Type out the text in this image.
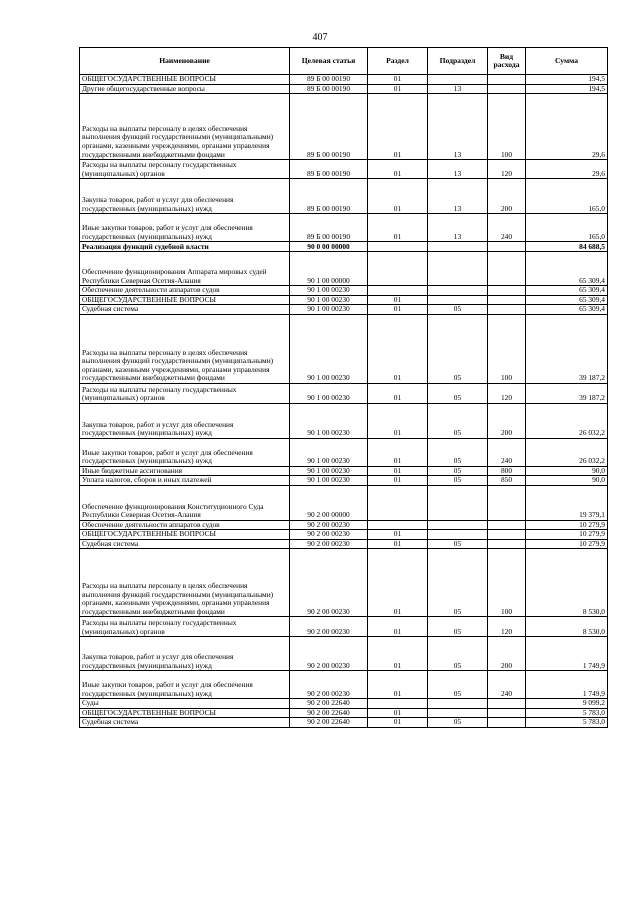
407
Наименование	Целевая статья	Раздел	Подраздел	Вид расхода	Сумма
ОБЩЕГОСУДАРСТВЕННЫЕ ВОПРОСЫ	89 Б 00 00190	01			194,5
Другие общегосударственные вопросы	89 Б 00 00190	01	13		194,5
Расходы на выплаты персоналу в целях обеспечения выполнения функций государственными (муниципальными) органами, казенными учреждениями, органами управления государственными внебюджетными фондами	89 Б 00 00190	01	13	100	29,6
Расходы на выплаты персоналу государственных (муниципальных) органов	89 Б 00 00190	01	13	120	29,6
Закупка товаров, работ и услуг для обеспечения государственных (муниципальных) нужд	89 Б 00 00190	01	13	200	165,0
Иные закупки товаров, работ и услуг для обеспечения государственных (муниципальных) нужд	89 Б 00 00190	01	13	240	165,0
Реализация функций судебной власти	90 0 00 00000				84 688,5
Обеспечение функционирования Аппарата мировых судей Республики Северная Осетия-Алания	90 1 00 00000				65 309,4
Обеспечение деятельности аппаратов судов	90 1 00 00230				65 309,4
ОБЩЕГОСУДАРСТВЕННЫЕ ВОПРОСЫ	90 1 00 00230	01			65 309,4
Судебная система	90 1 00 00230	01	05		65 309,4
Расходы на выплаты персоналу в целях обеспечения выполнения функций государственными (муниципальными) органами, казенными учреждениями, органами управления государственными внебюджетными фондами	90 1 00 00230	01	05	100	39 187,2
Расходы на выплаты персоналу государственных (муниципальных) органов	90 1 00 00230	01	05	120	39 187,2
Закупка товаров, работ и услуг для обеспечения государственных (муниципальных) нужд	90 1 00 00230	01	05	200	26 032,2
Иные закупки товаров, работ и услуг для обеспечения государственных (муниципальных) нужд	90 1 00 00230	01	05	240	26 032,2
Иные бюджетные ассигнования	90 1 00 00230	01	05	800	90,0
Уплата налогов, сборов и иных платежей	90 1 00 00230	01	05	850	90,0
Обеспечение функционирования Конституционного Суда Республики Северная Осетия-Алания	90 2 00 00000				19 379,1
Обеспечение деятельности аппаратов судов	90 2 00 00230				10 279,9
ОБЩЕГОСУДАРСТВЕННЫЕ ВОПРОСЫ	90 2 00 00230	01			10 279,9
Судебная система	90 2 00 00230	01	05		10 279,9
Расходы на выплаты персоналу в целях обеспечения выполнения функций государственными (муниципальными) органами, казенными учреждениями, органами управления государственными внебюджетными фондами	90 2 00 00230	01	05	100	8 530,0
Расходы на выплаты персоналу государственных (муниципальных) органов	90 2 00 00230	01	05	120	8 530,0
Закупка товаров, работ и услуг для обеспечения государственных (муниципальных) нужд	90 2 00 00230	01	05	200	1 749,9
Иные закупки товаров, работ и услуг для обеспечения государственных (муниципальных) нужд	90 2 00 00230	01	05	240	1 749,9
Суды	90 2 00 22640				9 099,2
ОБЩЕГОСУДАРСТВЕННЫЕ ВОПРОСЫ	90 2 00 22640	01			5 783,0
Судебная система	90 2 00 22640	01	05		5 783,0
